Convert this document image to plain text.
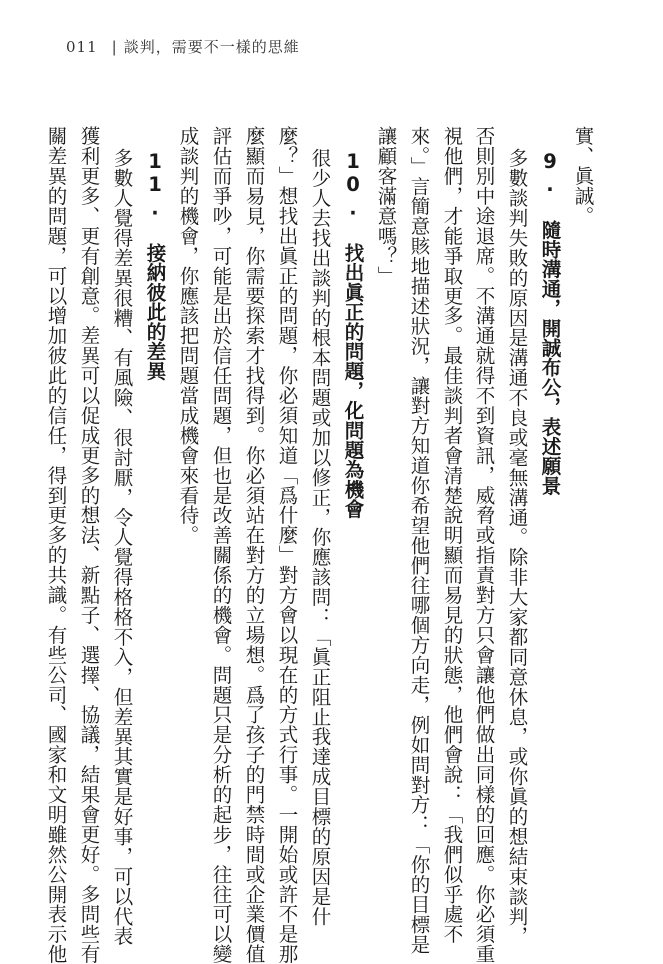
011 | 談判，需要不一樣的思維
實、眞誠。
9. 隨時溝通，開誠布公，表述願景
多數談判失敗的原因是溝通不良或毫無溝通。除非大家都同意休息，或你眞的想結束談判，
否則別中途退席。不溝通就得不到資訊，威脅或指責對方只會讓他們做出同樣的回應。你必須重
視他們，才能爭取更多。最佳談判者會清楚說明顯而易見的狀態，他們會說：「我們似乎處不
來。」言簡意賅地描述狀況，讓對方知道你希望他們往哪個方向走，例如問對方：「你的目標是
讓顧客滿意嗎？」
10. 找出眞正的問題，化問題為機會
很少人去找出談判的根本問題或加以修正，你應該問：「眞正阻止我達成目標的原因是什
麼？」想找出眞正的問題，你必須知道「爲什麼」對方會以現在的方式行事。一開始或許不是那
麼顯而易見，你需要探索才找得到。你必須站在對方的立場想。爲了孩子的門禁時間或企業價值
評估而爭吵，可能是出於信任問題，但也是改善關係的機會。問題只是分析的起步，往往可以變
成談判的機會，你應該把問題當成機會來看待。
11. 接納彼此的差異
多數人覺得差異很糟、有風險、很討厭，令人覺得格格不入，但差異其實是好事，可以代表
獲利更多、更有創意。差異可以促成更多的想法、新點子、選擇、協議，結果會更好。多問些有
關差異的問題，可以增加彼此的信任，得到更多的共識。有些公司、國家和文明雖然公開表示他
